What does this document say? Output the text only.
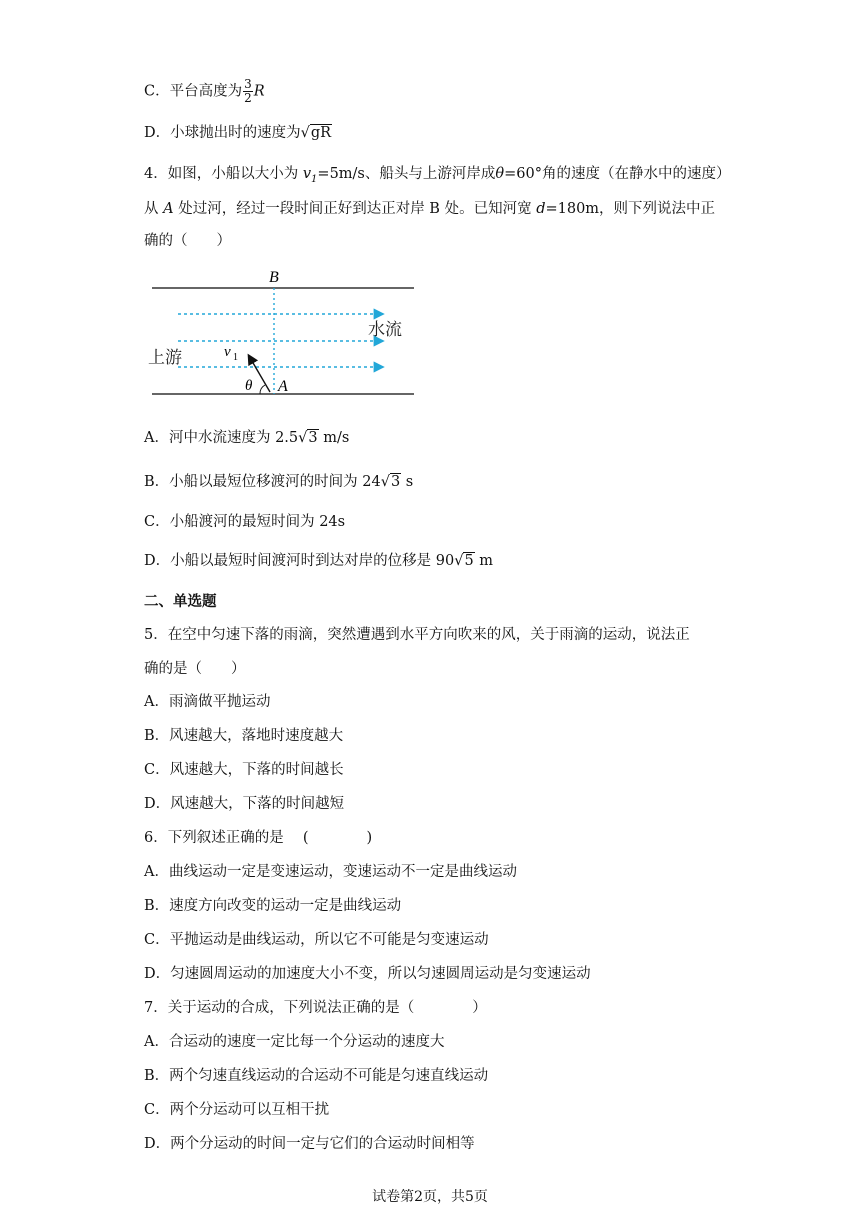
C．平台高度为 $\frac{3}{2}$ R
D．小球抛出时的速度为√gR
4．如图，小船以大小为 $v_1=5m/s$、船头与上游河岸成θ=60°角的速度（在静水中的速度）
从 A 处过河，经过一段时间正好到达正对岸 B 处。已知河宽 d=180m，则下列说法中正
确的（　　）
B
水流
上游	v 1
θ A
A．河中水流速度为 2.5√3 m/s
B．小船以最短位移渡河的时间为 24√3 s
C．小船渡河的最短时间为 24s
D．小船以最短时间渡河时到达对岸的位移是 90√5 m
二、单选题
5．在空中匀速下落的雨滴，突然遭遇到水平方向吹来的风，关于雨滴的运动，说法正
确的是（　　）
A．雨滴做平抛运动
B．风速越大，落地时速度越大
C．风速越大，下落的时间越长
D．风速越大，下落的时间越短
6．下列叙述正确的是　 (　　　　)
A．曲线运动一定是变速运动，变速运动不一定是曲线运动
B．速度方向改变的运动一定是曲线运动
C．平抛运动是曲线运动，所以它不可能是匀变速运动
D．匀速圆周运动的加速度大小不变，所以匀速圆周运动是匀变速运动
7．关于运动的合成，下列说法正确的是（　　　　）
A．合运动的速度一定比每一个分运动的速度大
B．两个匀速直线运动的合运动不可能是匀速直线运动
C．两个分运动可以互相干扰
D．两个分运动的时间一定与它们的合运动时间相等
试卷第2页，共5页
